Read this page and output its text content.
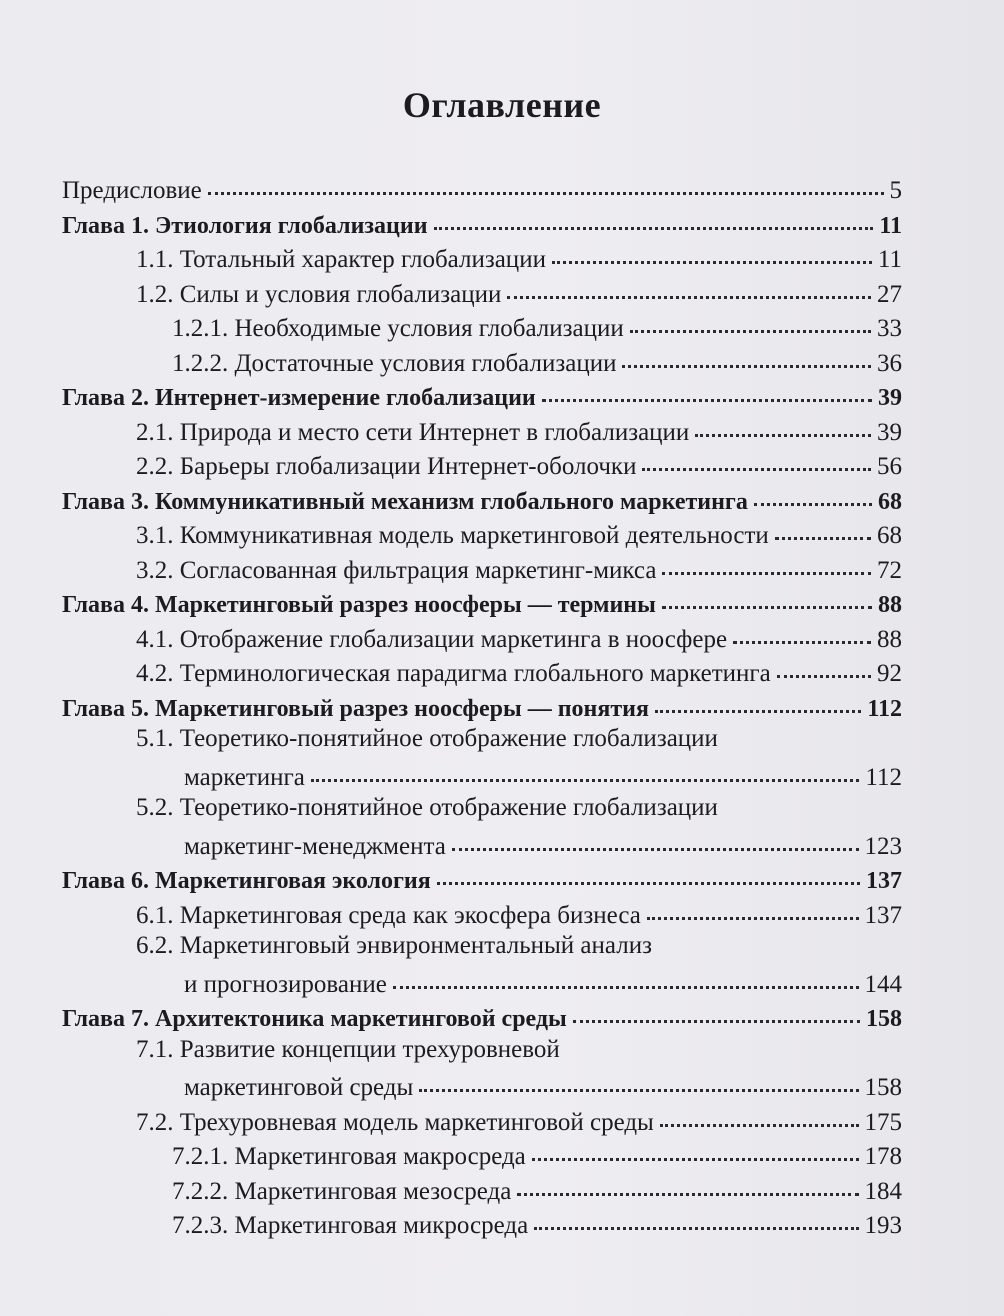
Оглавление
Предисловие	5
Глава 1. Этиология глобализации	11
1.1. Тотальный характер глобализации	11
1.2. Силы и условия глобализации	27
1.2.1. Необходимые условия глобализации	33
1.2.2. Достаточные условия глобализации	36
Глава 2. Интернет-измерение глобализации	39
2.1. Природа и место сети Интернет в глобализации	39
2.2. Барьеры глобализации Интернет-оболочки	56
Глава 3. Коммуникативный механизм глобального маркетинга	68
3.1. Коммуникативная модель маркетинговой деятельности	68
3.2. Согласованная фильтрация маркетинг-микса	72
Глава 4. Маркетинговый разрез ноосферы — термины	88
4.1. Отображение глобализации маркетинга в ноосфере	88
4.2. Терминологическая парадигма глобального маркетинга	92
Глава 5. Маркетинговый разрез ноосферы — понятия	112
5.1. Теоретико-понятийное отображение глобализации
маркетинга	112
5.2. Теоретико-понятийное отображение глобализации
маркетинг-менеджмента	123
Глава 6. Маркетинговая экология	137
6.1. Маркетинговая среда как экосфера бизнеса	137
6.2. Маркетинговый энвиронментальный анализ
и прогнозирование	144
Глава 7. Архитектоника маркетинговой среды	158
7.1. Развитие концепции трехуровневой
маркетинговой среды	158
7.2. Трехуровневая модель маркетинговой среды	175
7.2.1. Маркетинговая макросреда	178
7.2.2. Маркетинговая мезосреда	184
7.2.3. Маркетинговая микросреда	193
